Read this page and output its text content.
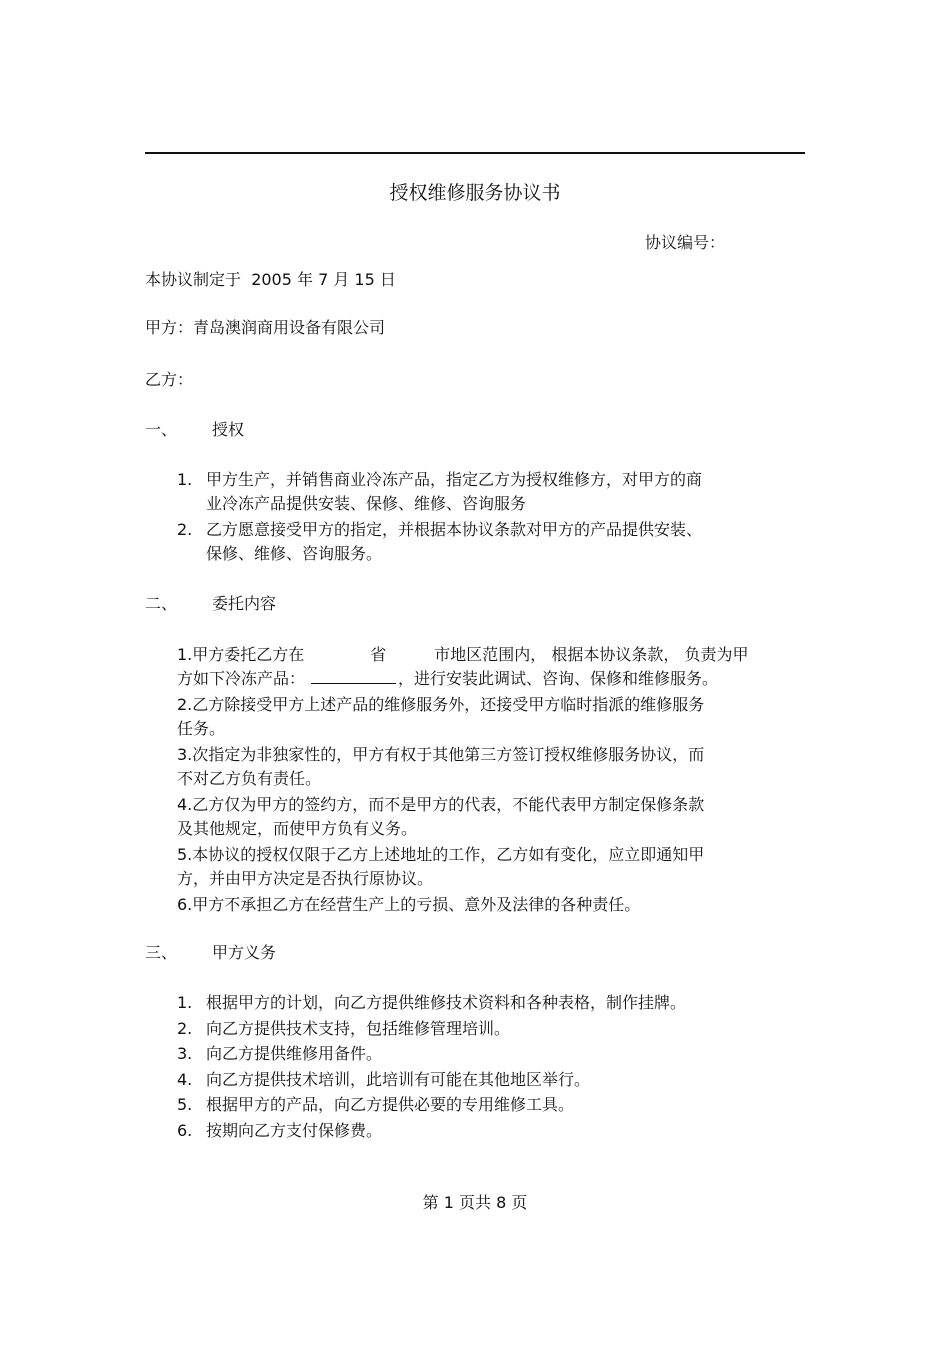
授权维修服务协议书
协议编号：
本协议制定于 2005 年 7 月 15 日
甲方：青岛澳润商用设备有限公司
乙方：
一、 授权
1. 甲方生产，并销售商业冷冻产品，指定乙方为授权维修方，对甲方的商
业冷冻产品提供安装、保修、维修、咨询服务
2. 乙方愿意接受甲方的指定，并根据本协议条款对甲方的产品提供安装、
保修、维修、咨询服务。
二、 委托内容
1.甲方委托乙方在	省	市地区范围内， 根据本协议条款， 负责为甲
方如下冷冻产品：	，进行安装此调试、咨询、保修和维修服务。
2.乙方除接受甲方上述产品的维修服务外，还接受甲方临时指派的维修服务
任务。
3.次指定为非独家性的，甲方有权于其他第三方签订授权维修服务协议，而
不对乙方负有责任。
4.乙方仅为甲方的签约方，而不是甲方的代表，不能代表甲方制定保修条款
及其他规定，而使甲方负有义务。
5.本协议的授权仅限于乙方上述地址的工作，乙方如有变化，应立即通知甲
方，并由甲方决定是否执行原协议。
6.甲方不承担乙方在经营生产上的亏损、意外及法律的各种责任。
三、 甲方义务
1. 根据甲方的计划，向乙方提供维修技术资料和各种表格，制作挂牌。
2. 向乙方提供技术支持，包括维修管理培训。
3. 向乙方提供维修用备件。
4. 向乙方提供技术培训，此培训有可能在其他地区举行。
5. 根据甲方的产品，向乙方提供必要的专用维修工具。
6. 按期向乙方支付保修费。
第 1 页共 8 页
